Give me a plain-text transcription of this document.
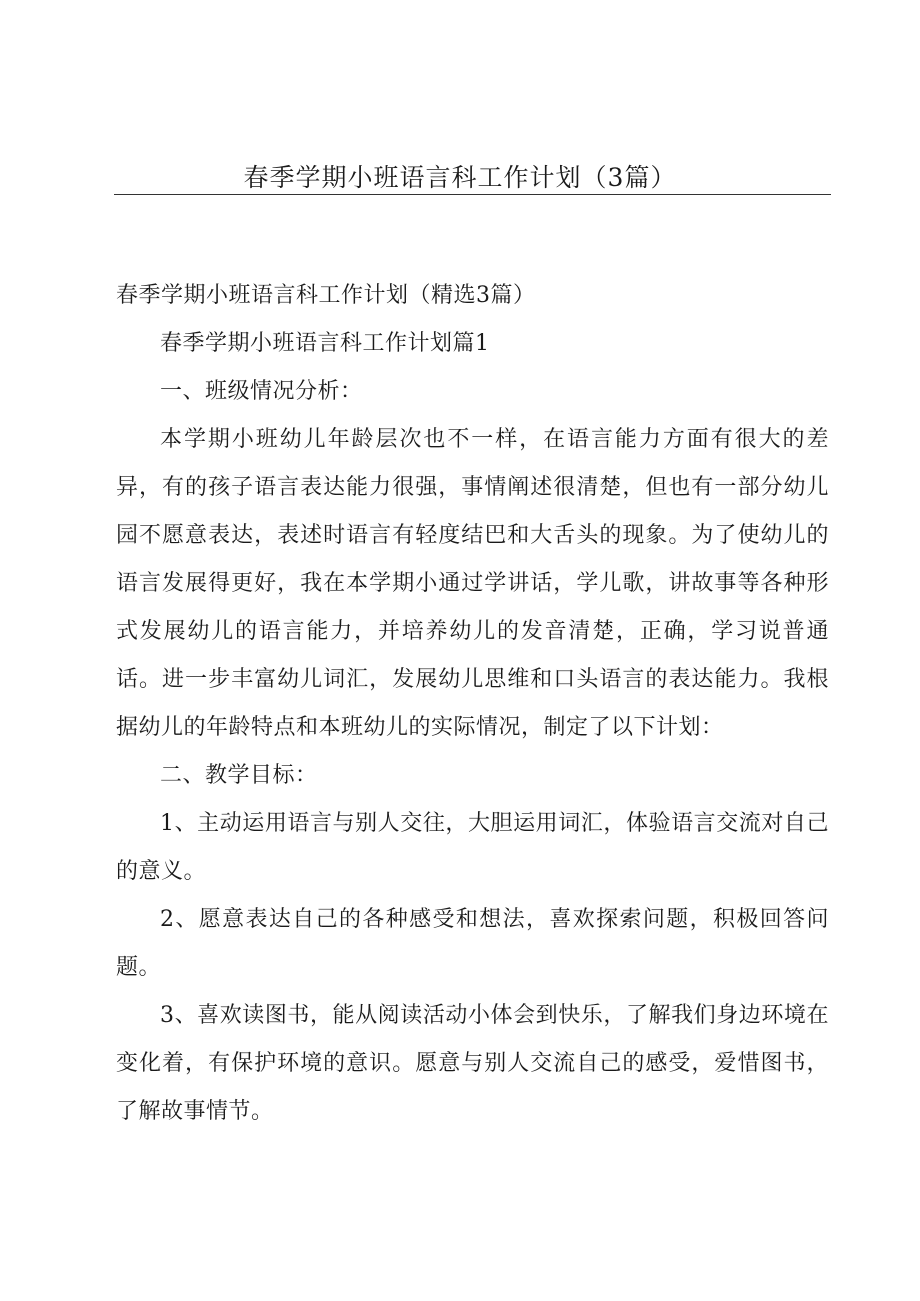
春季学期小班语言科工作计划（3篇）

春季学期小班语言科工作计划（精选3篇）

春季学期小班语言科工作计划篇1

一、班级情况分析：

本学期小班幼儿年龄层次也不一样，在语言能力方面有很大的差异，有的孩子语言表达能力很强，事情阐述很清楚，但也有一部分幼儿园不愿意表达，表述时语言有轻度结巴和大舌头的现象。为了使幼儿的语言发展得更好，我在本学期小通过学讲话，学儿歌，讲故事等各种形式发展幼儿的语言能力，并培养幼儿的发音清楚，正确，学习说普通话。进一步丰富幼儿词汇，发展幼儿思维和口头语言的表达能力。我根据幼儿的年龄特点和本班幼儿的实际情况，制定了以下计划：

二、教学目标：

1、主动运用语言与别人交往，大胆运用词汇，体验语言交流对自己的意义。

2、愿意表达自己的各种感受和想法，喜欢探索问题，积极回答问题。

3、喜欢读图书，能从阅读活动小体会到快乐，了解我们身边环境在变化着，有保护环境的意识。愿意与别人交流自己的感受，爱惜图书，了解故事情节。
